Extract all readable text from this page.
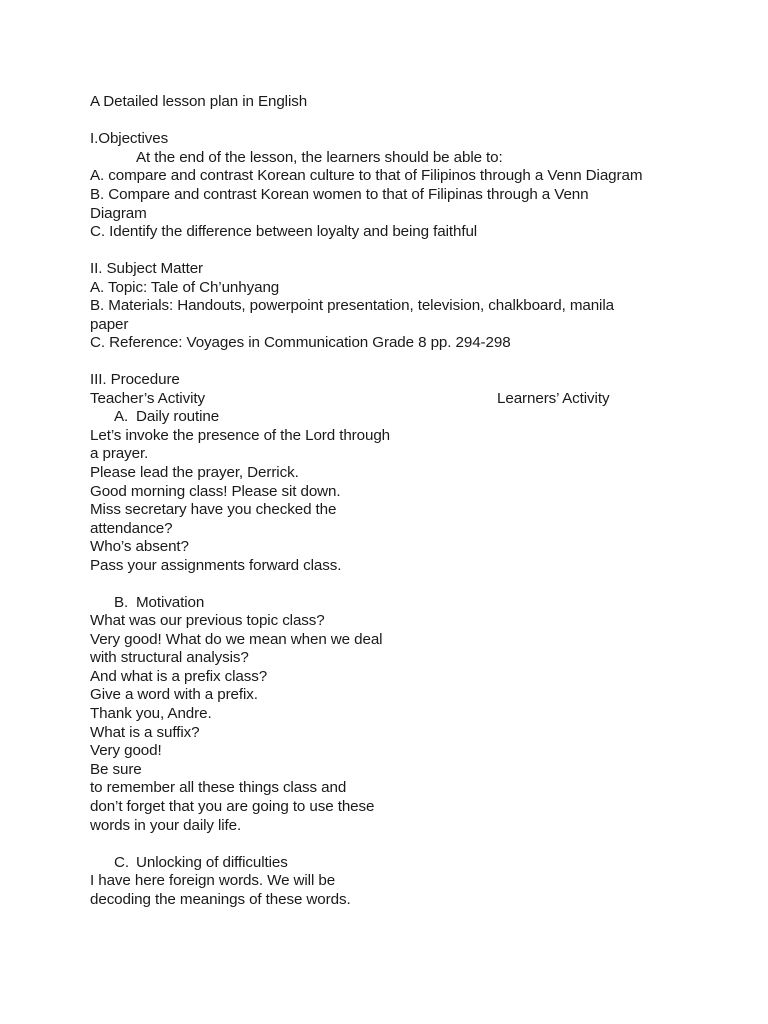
A Detailed lesson plan in English
I.Objectives
At the end of the lesson, the learners should be able to:
A. compare and contrast Korean culture to that of Filipinos through a Venn Diagram
B. Compare and contrast Korean women to that of Filipinas through a Venn
Diagram
C. Identify the difference between loyalty and being faithful
II. Subject Matter
A. Topic: Tale of Ch’unhyang
B. Materials: Handouts, powerpoint presentation, television, chalkboard, manila
paper
C. Reference: Voyages in Communication Grade 8 pp. 294-298
III. Procedure
Teacher’s Activity	Learners’ Activity
A. Daily routine
Let’s invoke the presence of the Lord through
a prayer.
Please lead the prayer, Derrick.
Good morning class! Please sit down.
Miss secretary have you checked the
attendance?
Who’s absent?
Pass your assignments forward class.
B. Motivation
What was our previous topic class?
Very good! What do we mean when we deal
with structural analysis?
And what is a prefix class?
Give a word with a prefix.
Thank you, Andre.
What is a suffix?
Very good!
Be sure
to remember all these things class and
don’t forget that you are going to use these
words in your daily life.
C. Unlocking of difficulties
I have here foreign words. We will be
decoding the meanings of these words.
